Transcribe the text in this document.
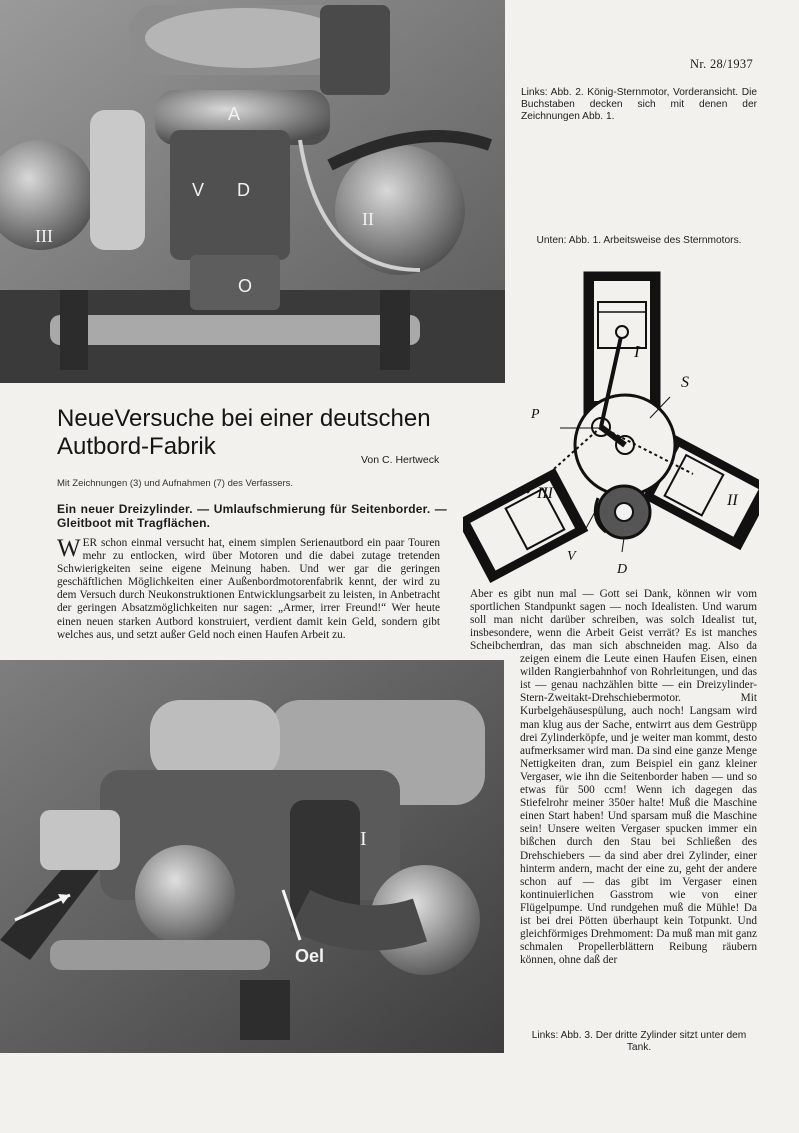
A
V D
II
III
O
Nr. 28/1937
Links: Abb. 2. König-Sternmotor, Vorderansicht. Die Buchstaben decken sich mit denen der Zeichnungen Abb. 1.
Unten: Abb. 1. Arbeitsweise des Sternmotors.
I
S
P
II
III
V
D
NeueVersuche bei einer deutschen Autbord-Fabrik	Von C. Hertweck
Mit Zeichnungen (3) und Aufnahmen (7) des Verfassers.
Ein neuer Dreizylinder. — Umlaufschmierung für Seitenborder. — Gleitboot mit Tragflächen.
WER schon einmal versucht hat, einem simplen Serienautbord ein paar Touren mehr zu entlocken, wird über Motoren und die dabei zutage tretenden Schwierigkeiten seine eigene Meinung haben. Und wer gar die geringen geschäftlichen Möglichkeiten einer Außenbordmotorenfabrik kennt, der wird zu dem Versuch durch Neukonstruktionen Entwicklungsarbeit zu leisten, in Anbetracht der geringen Absatzmöglichkeiten nur sagen: „Armer, irrer Freund!“ Wer heute einen neuen starken Autbord konstruiert, verdient damit kein Geld, sondern gibt welches aus, und setzt außer Geld noch einen Haufen Arbeit zu.
Aber es gibt nun mal — Gott sei Dank, können wir vom sportlichen Standpunkt sagen — noch Idealisten. Und warum soll man nicht darüber schreiben, was solch Idealist tut, insbesondere, wenn die Arbeit Geist verrät? Es ist manches Scheibchen
dran, das man sich abschneiden mag. Also da zeigen einem die Leute einen Haufen Eisen, einen wilden Rangierbahnhof von Rohrleitungen, und das ist — genau nachzählen bitte — ein Dreizylinder-Stern-Zweitakt-Drehschiebermotor. Mit Kurbelgehäusespülung, auch noch! Langsam wird man klug aus der Sache, entwirrt aus dem Gestrüpp drei Zylinderköpfe, und je weiter man kommt, desto aufmerksamer wird man. Da sind eine ganze Menge Nettigkeiten dran, zum Beispiel ein ganz kleiner Vergaser, wie ihn die Seitenborder haben — und so etwas für 500 ccm! Wenn ich dagegen das Stiefelrohr meiner 350er halte! Muß die Maschine einen Start haben! Und sparsam muß die Maschine sein! Unsere weiten Vergaser spucken immer ein bißchen durch den Stau bei Schließen des Drehschiebers — da sind aber drei Zylinder, einer hinterm andern, macht der eine zu, geht der andere schon auf — das gibt im Vergaser einen kontinuierlichen Gasstrom wie von einer Flügelpumpe. Und rundgehen muß die Mühle! Da ist bei drei Pötten überhaupt kein Totpunkt. Und gleichförmiges Drehmoment: Da muß man mit ganz schmalen Propellerblättern Reibung räubern können, ohne daß der
I
Oel
Links: Abb. 3. Der dritte Zylinder sitzt unter dem Tank.
